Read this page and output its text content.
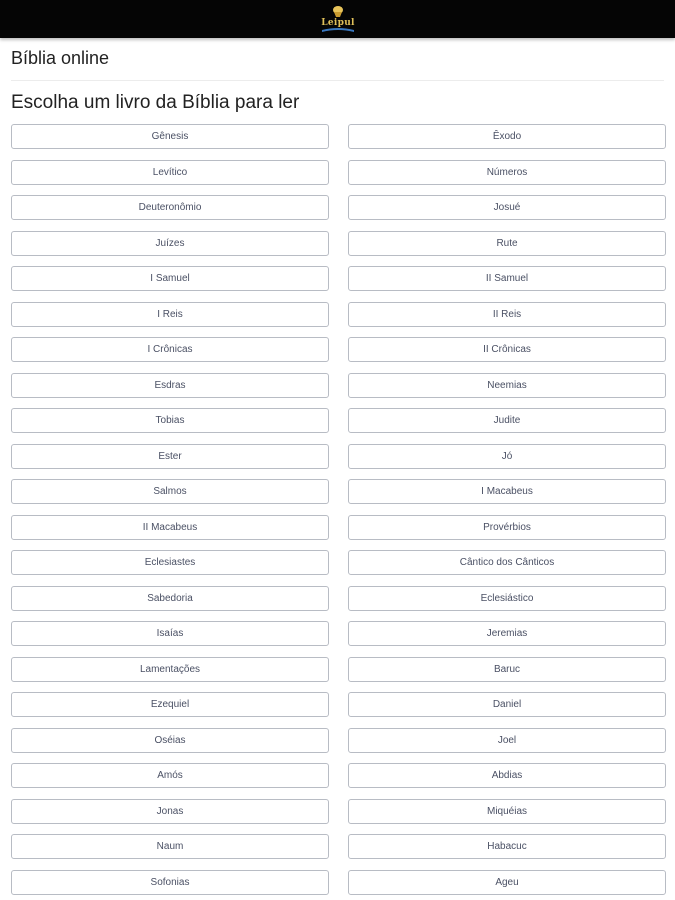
Leipul
Bíblia online
Escolha um livro da Bíblia para ler
Gênesis	Êxodo
Levítico	Números
Deuteronômio	Josué
Juízes	Rute
I Samuel	II Samuel
I Reis	II Reis
I Crônicas	II Crônicas
Esdras	Neemias
Tobias	Judite
Ester	Jó
Salmos	I Macabeus
II Macabeus	Provérbios
Eclesiastes	Cântico dos Cânticos
Sabedoria	Eclesiástico
Isaías	Jeremias
Lamentações	Baruc
Ezequiel	Daniel
Oséias	Joel
Amós	Abdias
Jonas	Miquéias
Naum	Habacuc
Sofonias	Ageu
